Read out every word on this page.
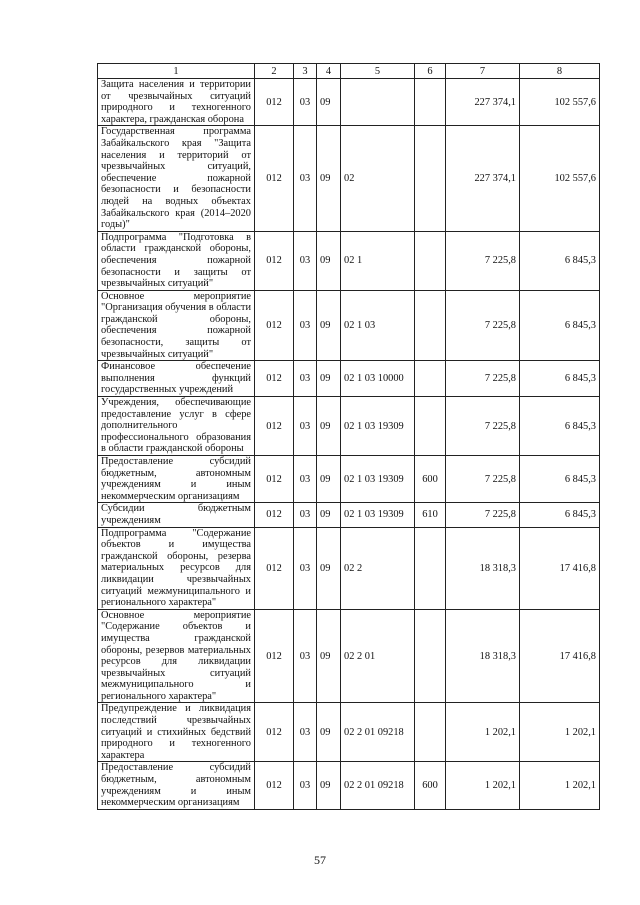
1	2	3	4	5	6	7	8
Защита населения и территории от чрезвычайных ситуаций природного и техногенного характера, гражданская оборона	012	03	09			227 374,1	102 557,6
Государственная программа Забайкальского края "Защита населения и территорий от чрезвычайных ситуаций, обеспечение пожарной безопасности и безопасности людей на водных объектах Забайкальского края (2014–2020 годы)"	012	03	09	02		227 374,1	102 557,6
Подпрограмма "Подготовка в области гражданской обороны, обеспечения пожарной безопасности и защиты от чрезвычайных ситуаций"	012	03	09	02 1		7 225,8	6 845,3
Основное мероприятие "Организация обучения в области гражданской обороны, обеспечения пожарной безопасности, защиты от чрезвычайных ситуаций"	012	03	09	02 1 03		7 225,8	6 845,3
Финансовое обеспечение выполнения функций государственных учреждений	012	03	09	02 1 03 10000		7 225,8	6 845,3
Учреждения, обеспечивающие предоставление услуг в сфере дополнительного профессионального образования в области гражданской обороны	012	03	09	02 1 03 19309		7 225,8	6 845,3
Предоставление субсидий бюджетным, автономным учреждениям и иным некоммерческим организациям	012	03	09	02 1 03 19309	600	7 225,8	6 845,3
Субсидии бюджетным учреждениям	012	03	09	02 1 03 19309	610	7 225,8	6 845,3
Подпрограмма "Содержание объектов и имущества гражданской обороны, резерва материальных ресурсов для ликвидации чрезвычайных ситуаций межмуниципального и регионального характера"	012	03	09	02 2		18 318,3	17 416,8
Основное мероприятие "Содержание объектов и имущества гражданской обороны, резервов материальных ресурсов для ликвидации чрезвычайных ситуаций межмуниципального и регионального характера"	012	03	09	02 2 01		18 318,3	17 416,8
Предупреждение и ликвидация последствий чрезвычайных ситуаций и стихийных бедствий природного и техногенного характера	012	03	09	02 2 01 09218		1 202,1	1 202,1
Предоставление субсидий бюджетным, автономным учреждениям и иным некоммерческим организациям	012	03	09	02 2 01 09218	600	1 202,1	1 202,1
57
